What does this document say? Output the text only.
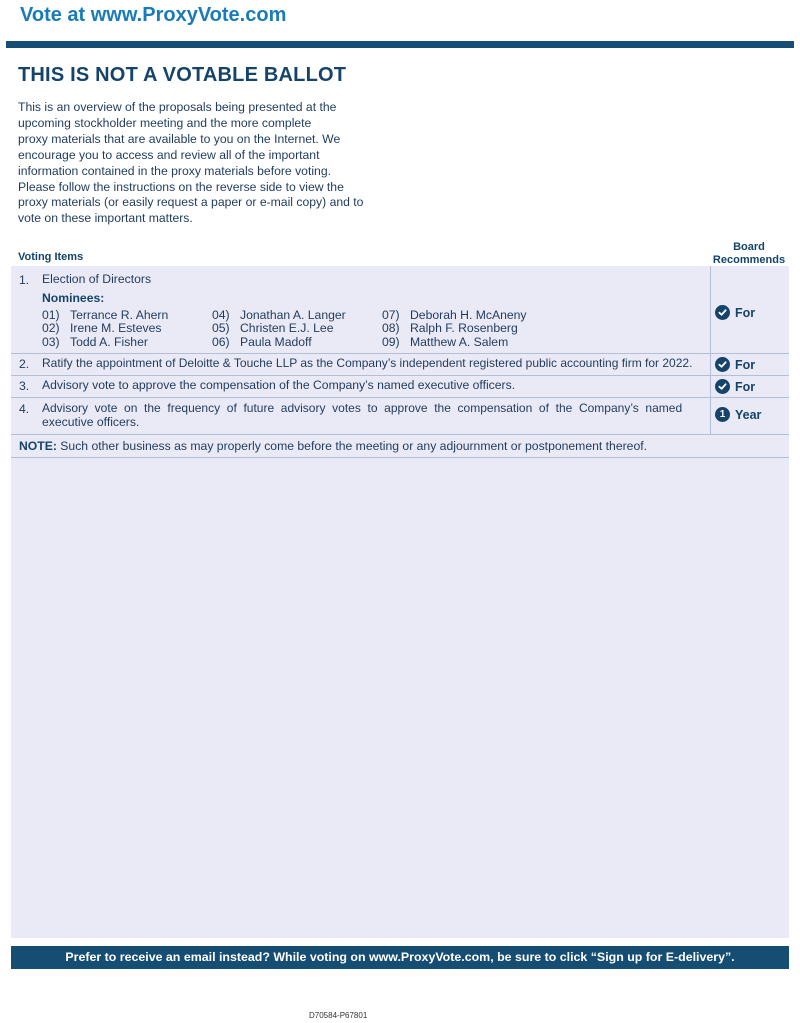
Vote at www.ProxyVote.com
THIS IS NOT A VOTABLE BALLOT
This is an overview of the proposals being presented at the
upcoming stockholder meeting and the more complete
proxy materials that are available to you on the Internet. We
encourage you to access and review all of the important
information contained in the proxy materials before voting.
Please follow the instructions on the reverse side to view the
proxy materials (or easily request a paper or e-mail copy) and to
vote on these important matters.
Voting Items
Board
Recommends
1. Election of Directors
Nominees:
01) Terrance R. Ahern
02) Irene M. Esteves
03) Todd A. Fisher
04) Jonathan A. Langer
05) Christen E.J. Lee
06) Paula Madoff
07) Deborah H. McAneny
08) Ralph F. Rosenberg
09) Matthew A. Salem
For
2. Ratify the appointment of Deloitte & Touche LLP as the Company’s independent registered public accounting firm for 2022.	For
3. Advisory vote to approve the compensation of the Company’s named executive officers.	For
4. Advisory  vote  on  the  frequency  of  future  advisory  votes  to  approve  the  compensation  of  the  Company’s  named
executive officers.
1 Year
NOTE: Such other business as may properly come before the meeting or any adjournment or postponement thereof.
Prefer to receive an email instead? While voting on www.ProxyVote.com, be sure to click “Sign up for E-delivery”.
D70584-P67801
